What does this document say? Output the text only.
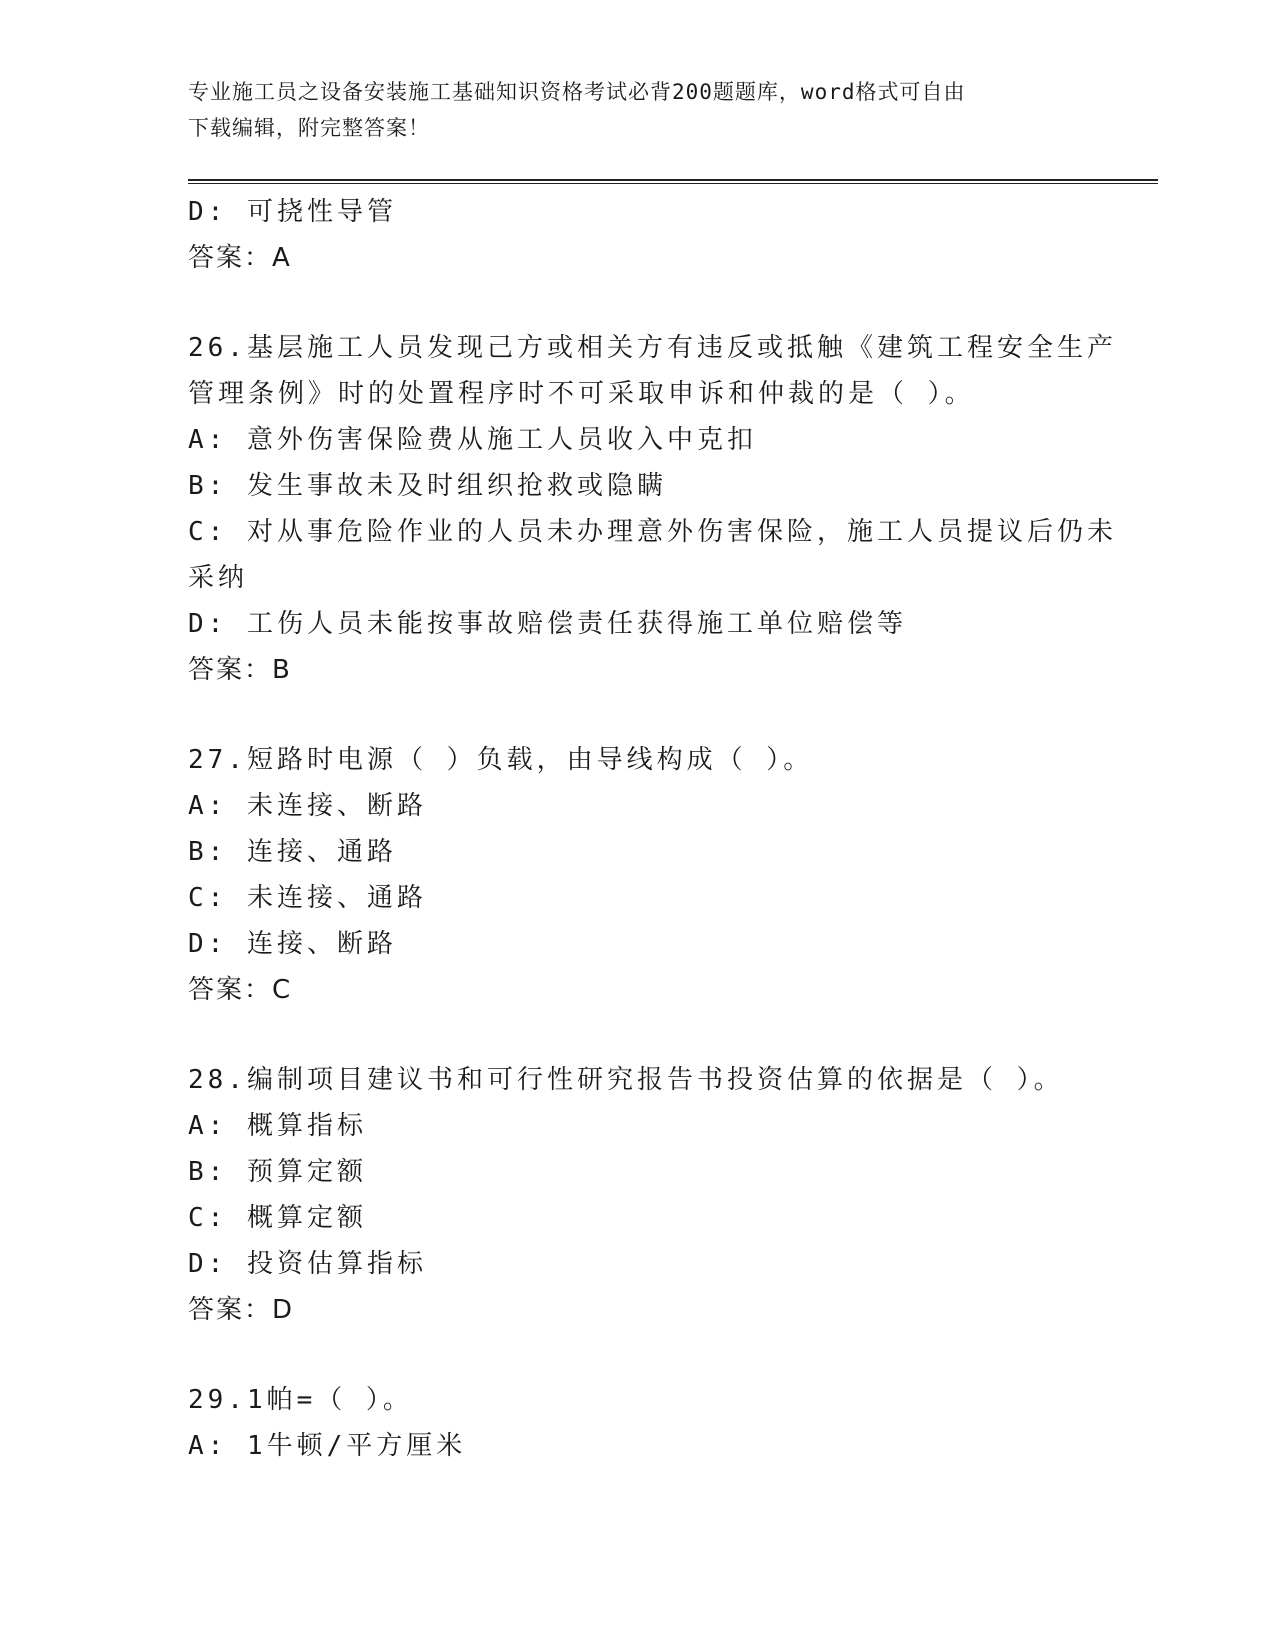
专业施工员之设备安装施工基础知识资格考试必背200题题库，word格式可自由
下载编辑，附完整答案！
D: 可挠性导管
答案：A
26.基层施工人员发现己方或相关方有违反或抵触《建筑工程安全生产
管理条例》时的处置程序时不可采取申诉和仲裁的是（ ）。
A: 意外伤害保险费从施工人员收入中克扣
B: 发生事故未及时组织抢救或隐瞒
C: 对从事危险作业的人员未办理意外伤害保险，施工人员提议后仍未
采纳
D: 工伤人员未能按事故赔偿责任获得施工单位赔偿等
答案：B
27.短路时电源（ ）负载，由导线构成（ ）。
A: 未连接、断路
B: 连接、通路
C: 未连接、通路
D: 连接、断路
答案：C
28.编制项目建议书和可行性研究报告书投资估算的依据是（ ）。
A: 概算指标
B: 预算定额
C: 概算定额
D: 投资估算指标
答案：D
29.1帕=（ ）。
A: 1牛顿/平方厘米
